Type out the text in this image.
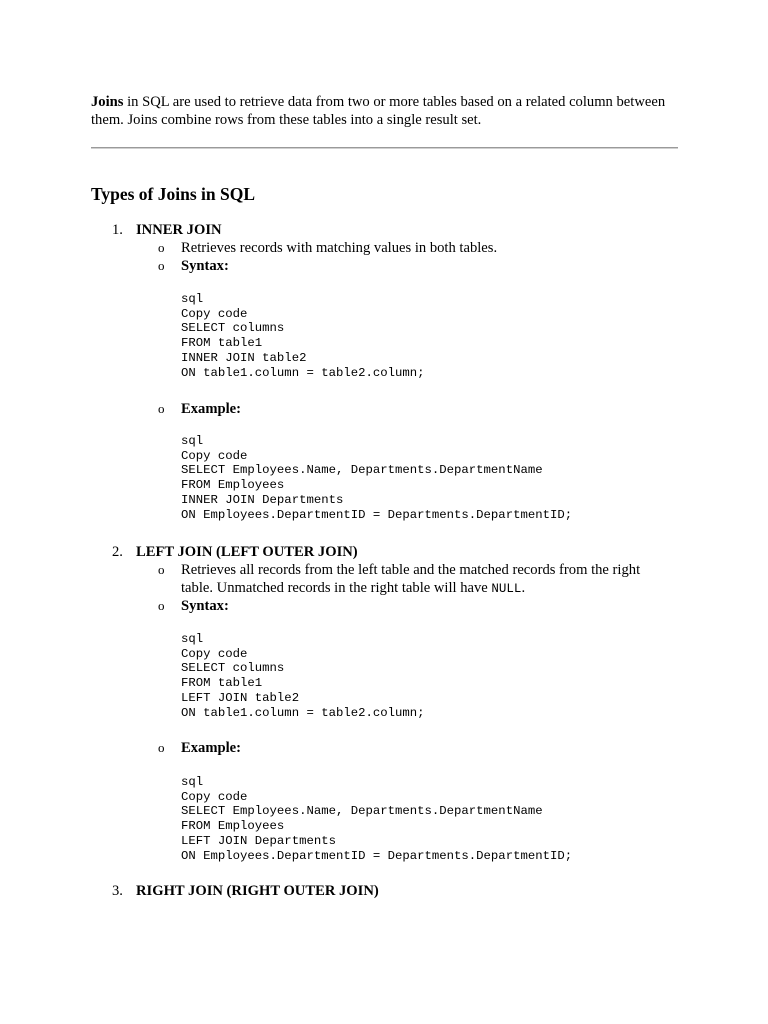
Joins in SQL are used to retrieve data from two or more tables based on a related column between them. Joins combine rows from these tables into a single result set.

Types of Joins in SQL
1. INNER JOIN
o Retrieves records with matching values in both tables.
o Syntax:
sql
Copy code
SELECT columns
FROM table1
INNER JOIN table2
ON table1.column = table2.column;
o Example:
sql
Copy code
SELECT Employees.Name, Departments.DepartmentName
FROM Employees
INNER JOIN Departments
ON Employees.DepartmentID = Departments.DepartmentID;
2. LEFT JOIN (LEFT OUTER JOIN)
o Retrieves all records from the left table and the matched records from the right table. Unmatched records in the right table will have NULL.
o Syntax:
sql
Copy code
SELECT columns
FROM table1
LEFT JOIN table2
ON table1.column = table2.column;
o Example:
sql
Copy code
SELECT Employees.Name, Departments.DepartmentName
FROM Employees
LEFT JOIN Departments
ON Employees.DepartmentID = Departments.DepartmentID;
3. RIGHT JOIN (RIGHT OUTER JOIN)
